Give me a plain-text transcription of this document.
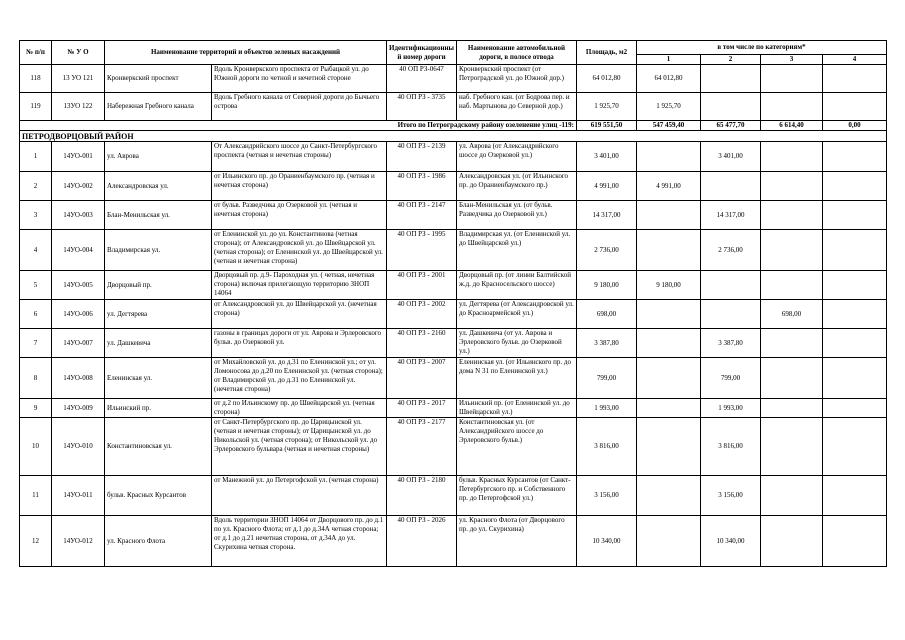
№ п/п	№ У О	Наименование территорий и объектов зеленых насаждений		Идентификационный номер дороги	Наименование автомобильной дороги, в полосе отвода	Площадь, м2	в том числе по категориям*			
							1	2	3	4
118	13 УО 121	Кронверкский проспект	Вдоль Кронверкского проспекта от Рыбацкой ул. до Южной дороги по четной и нечетной стороне	40 ОП РЗ-0647	Кронверкский проспект (от Петроградской ул. до Южной дор.)	64 012,80	64 012,80			
119	13УО 122	Набережная Гребного канала	Вдоль Гребного канала от Северной дороги до Бычьего острова	40 ОП РЗ - 3735	наб. Гребного кан. (от Бодрова пер. и наб. Мартынова до Северной дор.)	1 925,70	1 925,70			
Итого по Петроградскому району озеленение улиц -119:						619 551,50	547 459,40	65 477,70	6 614,40	0,00
ПЕТРОДВОРЦОВЫЙ РАЙОН										
1	14УО-001	ул. Аврова	От Александрийского шоссе до Санкт-Петербургского проспекта (четная и нечетная стороны)	40 ОП РЗ - 2139	ул. Аврова (от Александрийского шоссе до Озерковой ул.)	3 401,00		3 401,00		
2	14УО-002	Александровская ул.	от Ильинского пр. до Ораниенбаумского пр. (четная и нечетная сторона)	40 ОП РЗ - 1986	Александровская ул. (от Ильинского пр. до Ораниенбаумского пр.)	4 991,00	4 991,00			
3	14УО-003	Блан-Менильская ул.	от бульв. Разведчика до Озерковой ул. (четная и нечетная сторона)	40 ОП РЗ - 2147	Блан-Менильская ул. (от бульв. Разведчика до Озерковой ул.)	14 317,00		14 317,00		
4	14УО-004	Владимирская ул.	от Еленинской ул. до ул. Константинова (четная сторона); от Александровской ул. до Швейцарской ул. (четная сторона); от Еленинской ул. до Швейцарской ул. (четная и нечетная сторона)	40 ОП РЗ - 1995	Владимирская ул. (от Еленинской ул. до Швейцарской ул.)	2 736,00		2 736,00		
5	14УО-005	Дворцовый пр.	Дворцовый пр. д.9- Пароходная ул. ( четная, нечетная сторона) включая прилегающую территорию ЗНОП 14064	40 ОП РЗ - 2001	Дворцовый пр. (от линии Балтийской ж.д. до Красносельского шоссе)	9 180,00	9 180,00			
6	14УО-006	ул. Дегтярева	от Александровской ул. до Швейцарской ул. (нечетная сторона)	40 ОП РЗ - 2002	ул. Дегтярева (от Александровской ул. до Красноармейской ул.)	698,00			698,00	
7	14УО-007	ул. Дашкевича	газоны в границах дороги от ул. Аврова и Эрлеровского бульв. до Озерковой ул.	40 ОП РЗ - 2160	ул. Дашкевича (от ул. Аврова и Эрлеровского бульв. до Озерковой ул.)	3 387,80		3 387,80		
8	14УО-008	Еленинская ул.	от Михайловской ул. до д.31 по Еленинской ул.; от ул. Ломоносова до д.20 по Еленинской ул. (четная сторона); от Владимирской ул. до д.31 по Еленинской ул. (нечетная сторона)	40 ОП РЗ - 2007	Еленинская ул. (от Ильинского пр. до дома N 31 по Еленинской ул.)	799,00		799,00		
9	14УО-009	Ильинский пр.	от д.2 по Ильинскому пр. до Швейцарской ул. (четная сторона)	40 ОП РЗ - 2017	Ильинский пр. (от Еленинской ул. до Швейцарской ул.)	1 993,00		1 993,00		
10	14УО-010	Константиновская ул.	от Санкт-Петербургского пр. до Царицынской ул. (четная и нечетная стороны); от Царицынской ул. до Никольской ул. (четная сторона); от Никольской ул. до Эрлеровского бульвара (четная и нечетная стороны)	40 ОП РЗ - 2177	Константиновская ул. (от Александрийского шоссе до Эрлеровского бульв.)	3 816,00		3 816,00		
11	14УО-011	бульв. Красных Курсантов	от Манежной ул. до Петергофской ул. (четная сторона)	40 ОП РЗ - 2180	бульв. Красных Курсантов (от Санкт-Петербургского пр. и Собственного пр. до Петергофской ул.)	3 156,00		3 156,00		
12	14УО-012	ул. Красного Флота	Вдоль территории ЗНОП 14064 от Дворцового пр. до д.1 по ул. Красного Флота; от д.1 до д.34А четная сторона; от д.1 до д.21 нечетная сторона, от д.34А до ул. Скурихина четная сторона.	40 ОП РЗ - 2026	ул. Красного Флота (от Дворцового пр. до ул. Скурихина)	10 340,00		10 340,00		
